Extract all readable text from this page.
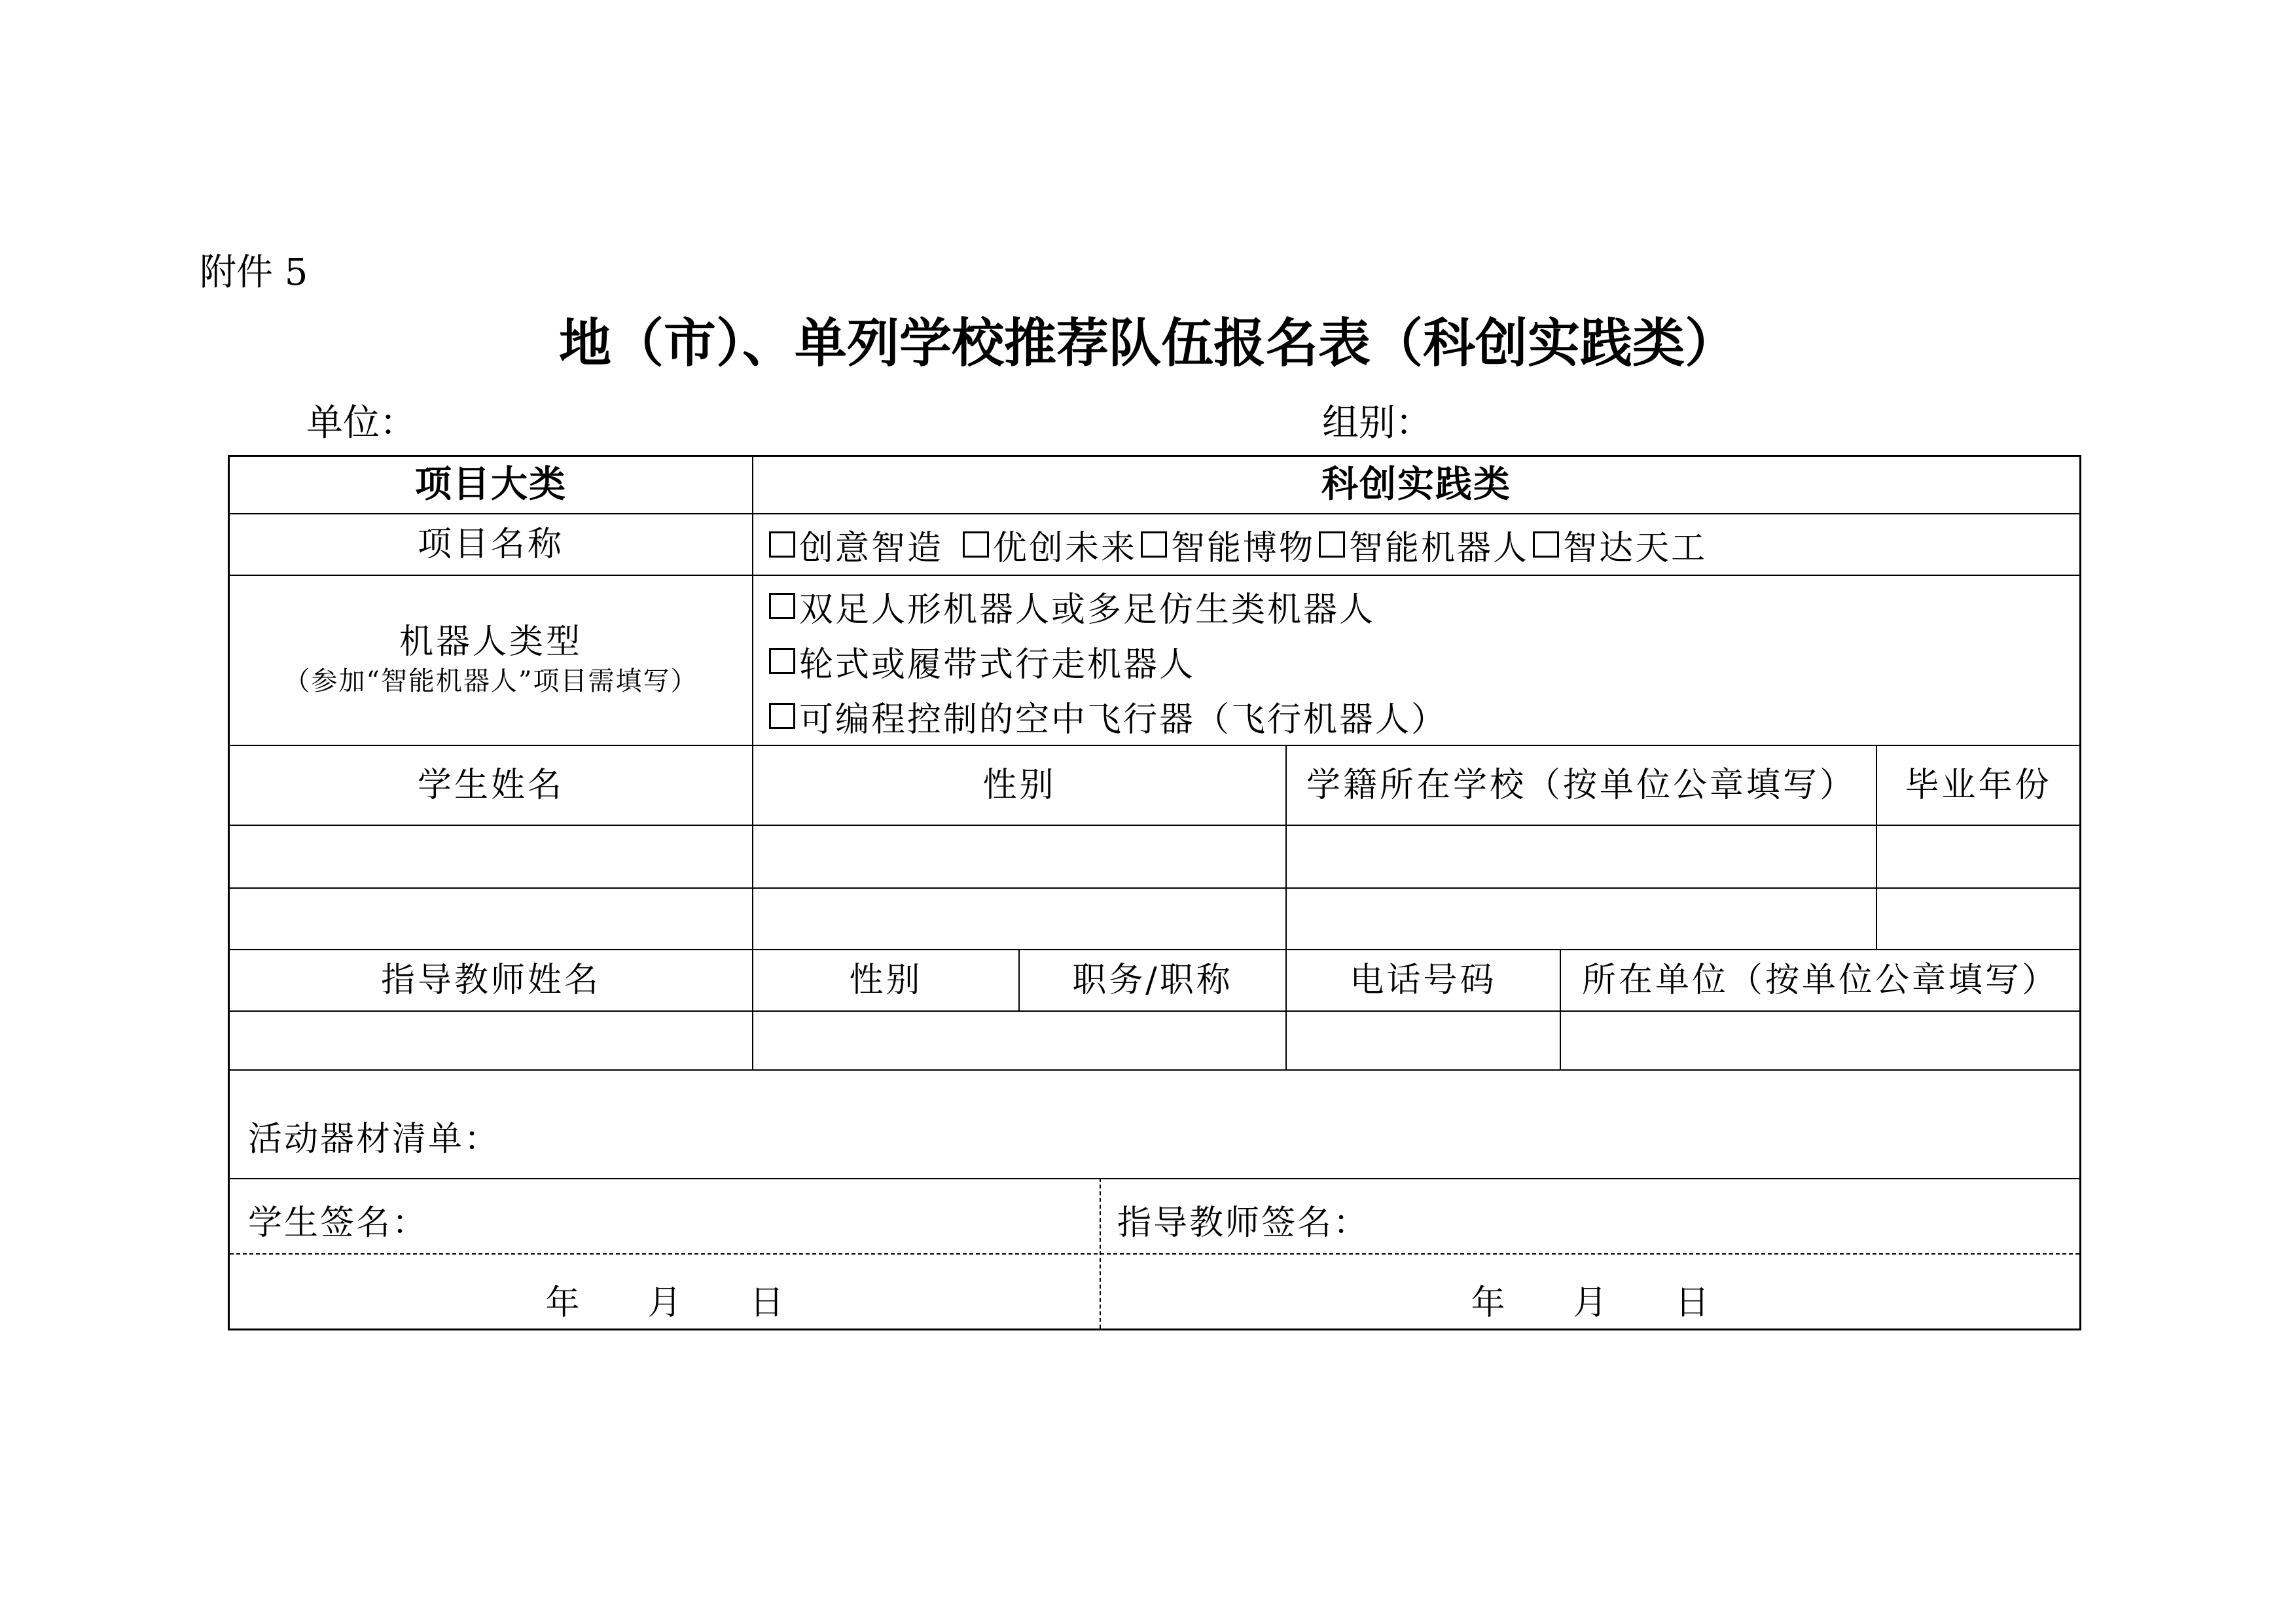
附件 5
地（市）、单列学校推荐队伍报名表（科创实践类）
单位：	组别：
项目大类	科创实践类
项目名称	创意智造 优创未来 智能博物 智能机器人 智达天工
机器人类型
（参加“智能机器人”项目需填写）
双足人形机器人或多足仿生类机器人
轮式或履带式行走机器人
可编程控制的空中飞行器（飞行机器人）
学生姓名	性别	学籍所在学校（按单位公章填写）	毕业年份
指导教师姓名	性别	职务/职称	电话号码	所在单位（按单位公章填写）
活动器材清单：
学生签名：	指导教师签名：
年　　月　　日	年　　月　　日
